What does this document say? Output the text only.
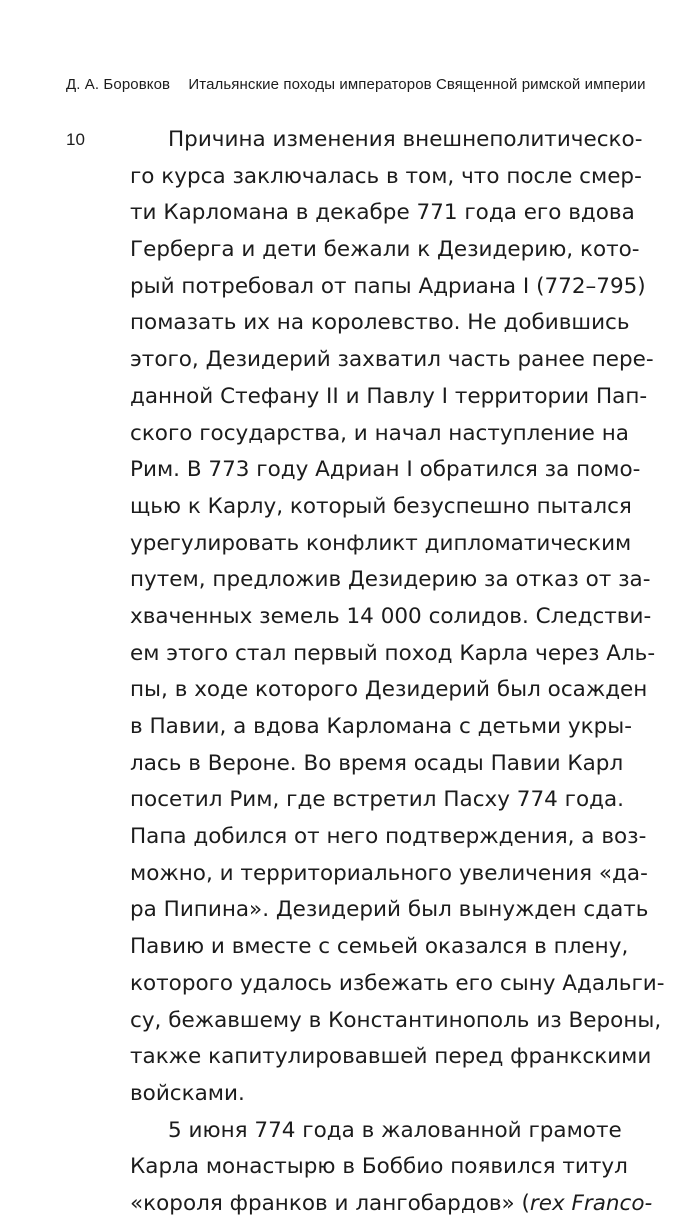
Д. А. Боровков Итальянские походы императоров Священной римской империи
10	Причина изменения внешнеполитическо-
го курса заключалась в том, что после смер-
ти Карломана в декабре 771 года его вдова
Герберга и дети бежали к Дезидерию, кото-
рый потребовал от папы Адриана I (772–795)
помазать их на королевство. Не добившись
этого, Дезидерий захватил часть ранее пере-
данной Стефану II и Павлу I территории Пап-
ского государства, и начал наступление на
Рим. В 773 году Адриан I обратился за помо-
щью к Карлу, который безуспешно пытался
урегулировать конфликт дипломатическим
путем, предложив Дезидерию за отказ от за-
хваченных земель 14 000 солидов. Следстви-
ем этого стал первый поход Карла через Аль-
пы, в ходе которого Дезидерий был осажден
в Павии, а вдова Карломана с детьми укры-
лась в Вероне. Во время осады Павии Карл
посетил Рим, где встретил Пасху 774 года.
Папа добился от него подтверждения, а воз-
можно, и территориального увеличения «да-
ра Пипина». Дезидерий был вынужден сдать
Павию и вместе с семьей оказался в плену,
которого удалось избежать его сыну Адальги-
су, бежавшему в Константинополь из Вероны,
также капитулировавшей перед франкскими
войсками.
5 июня 774 года в жалованной грамоте
Карла монастырю в Боббио появился титул
«короля франков и лангобардов» (rex Franco-
